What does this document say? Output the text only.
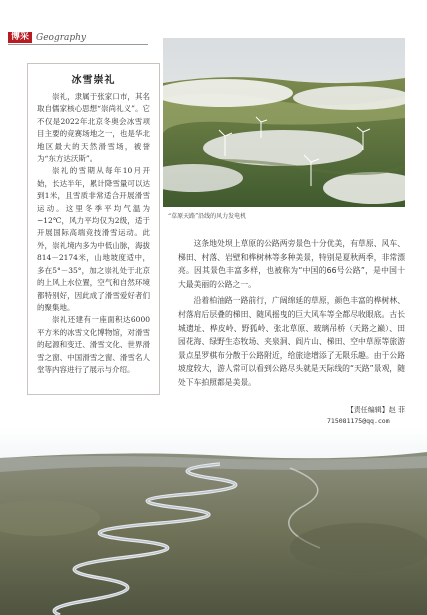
博采 Geography
冰雪崇礼

崇礼，隶属于张家口市，其名取自儒家核心思想“崇尚礼义”。它不仅是2022年北京冬奥会冰雪项目主要的竞赛场地之一，也是华北地区最大的天然滑雪场，被誉为“东方达沃斯”。

崇礼的雪期从每年10月开始，长达半年，累计降雪量可以达到1米，且雪质非常适合开展滑雪运动。这里冬季平均气温为−12℃，风力平均仅为2级，适于开展国际高端竞技滑雪运动。此外，崇礼境内多为中低山脉，海拔814－2174米，山地坡度适中，多在5°－35°，加之崇礼处于北京的上风上水位置，空气和自然环境都特别好，因此成了滑雪爱好者们的聚集地。

崇礼还建有一座面积达6000平方米的冰雪文化博物馆，对滑雪的起源和变迁、滑雪文化、世界滑雪之窗、中国滑雪之窗、滑雪名人堂等内容进行了展示与介绍。

“草原天路”沿线的风力发电机

这条地处坝上草原的公路两旁景色十分优美，有草原、风车、梯田、村落、岩壁和桦树林等多种美景，特别是夏秋两季，非常漂亮。因其景色丰富多样，也被称为“中国的66号公路”，是中国十大最美丽的公路之一。

沿着柏油路一路前行，广阔绵延的草原，颜色丰富的桦树林、村落肩后层叠的梯田、随风摇曳的巨大风车等全都尽收眼底。古长城遗址、桦皮岭、野狐岭、张北草原、玻璃吊桥（天路之巅）、田园花海、绿野生态牧场、夹泉洞、阎片山、梯田、空中草原等旅游景点星罗棋布分散于公路附近，给旅途增添了无限乐趣。由于公路坡度较大，游人常可以看到公路尽头就是天际线的“天路”景观，随处下车拍照都是美景。

【责任编辑】赵 菲
715081175@qq.com
